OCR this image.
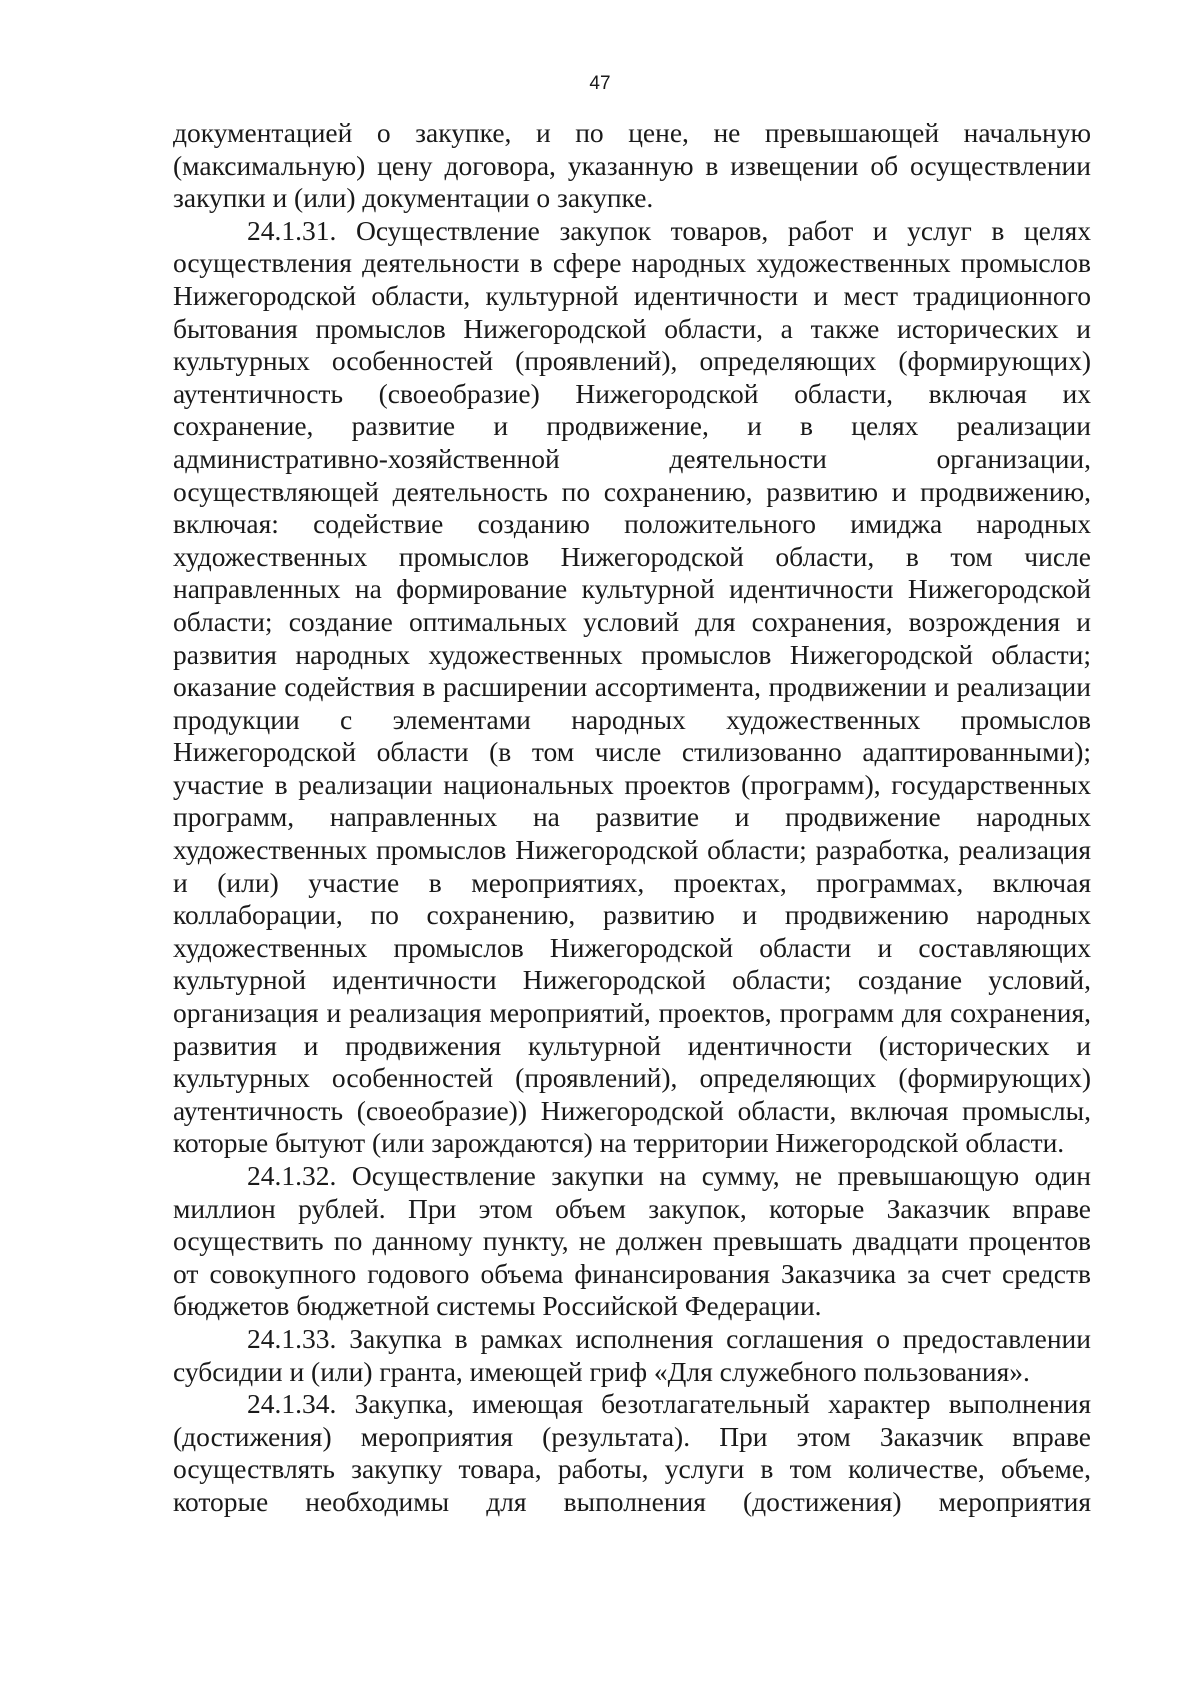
47

документацией о закупке, и по цене, не превышающей начальную (максимальную) цену договора, указанную в извещении об осуществлении закупки и (или) документации о закупке.

24.1.31. Осуществление закупок товаров, работ и услуг в целях осуществления деятельности в сфере народных художественных промыслов Нижегородской области, культурной идентичности и мест традиционного бытования промыслов Нижегородской области, а также исторических и культурных особенностей (проявлений), определяющих (формирующих) аутентичность (своеобразие) Нижегородской области, включая их сохранение, развитие и продвижение, и в целях реализации административно-хозяйственной деятельности организации, осуществляющей деятельность по сохранению, развитию и продвижению, включая: содействие созданию положительного имиджа народных художественных промыслов Нижегородской области, в том числе направленных на формирование культурной идентичности Нижегородской области; создание оптимальных условий для сохранения, возрождения и развития народных художественных промыслов Нижегородской области; оказание содействия в расширении ассортимента, продвижении и реализации продукции с элементами народных художественных промыслов Нижегородской области (в том числе стилизованно адаптированными); участие в реализации национальных проектов (программ), государственных программ, направленных на развитие и продвижение народных художественных промыслов Нижегородской области; разработка, реализация и (или) участие в мероприятиях, проектах, программах, включая коллаборации, по сохранению, развитию и продвижению народных художественных промыслов Нижегородской области и составляющих культурной идентичности Нижегородской области; создание условий, организация и реализация мероприятий, проектов, программ для сохранения, развития и продвижения культурной идентичности (исторических и культурных особенностей (проявлений), определяющих (формирующих) аутентичность (своеобразие)) Нижегородской области, включая промыслы, которые бытуют (или зарождаются) на территории Нижегородской области.

24.1.32. Осуществление закупки на сумму, не превышающую один миллион рублей. При этом объем закупок, которые Заказчик вправе осуществить по данному пункту, не должен превышать двадцати процентов от совокупного годового объема финансирования Заказчика за счет средств бюджетов бюджетной системы Российской Федерации.

24.1.33. Закупка в рамках исполнения соглашения о предоставлении субсидии и (или) гранта, имеющей гриф «Для служебного пользования».

24.1.34. Закупка, имеющая безотлагательный характер выполнения (достижения) мероприятия (результата). При этом Заказчик вправе осуществлять закупку товара, работы, услуги в том количестве, объеме, которые необходимы для выполнения (достижения) мероприятия
